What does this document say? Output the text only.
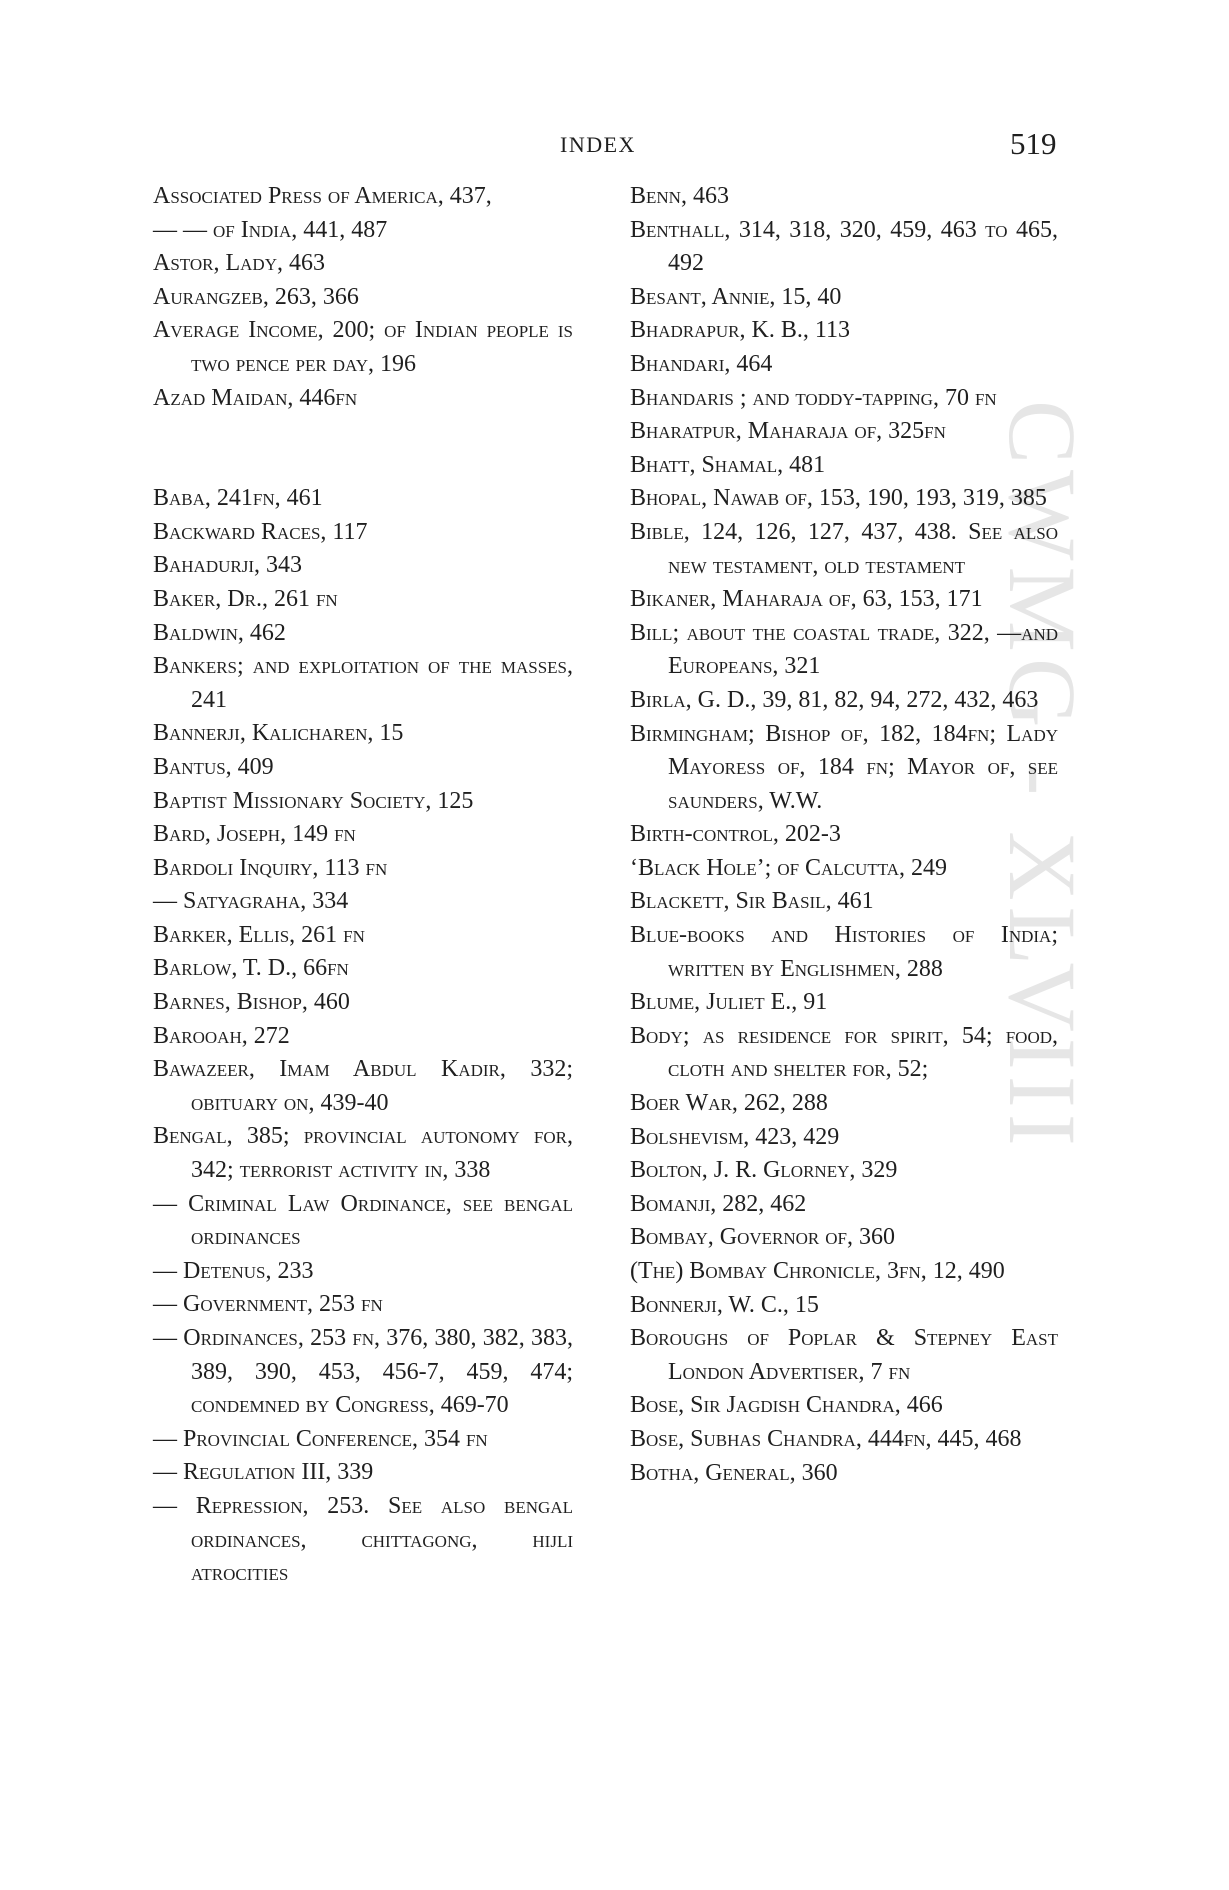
INDEX	519
CWMG - XLVIII
Associated Press of America, 437,
— — of India, 441, 487
Astor, Lady, 463
Aurangzeb, 263, 366
Average Income, 200; of Indian people is two pence per day, 196
Azad Maidan, 446fn
Baba, 241fn, 461
Backward Races, 117
Bahadurji, 343
Baker, Dr., 261 fn
Baldwin, 462
Bankers; and exploitation of the masses, 241
Bannerji, Kalicharen, 15
Bantus, 409
Baptist Missionary Society, 125
Bard, Joseph, 149 fn
Bardoli Inquiry, 113 fn
— Satyagraha, 334
Barker, Ellis, 261 fn
Barlow, T. D., 66fn
Barnes, Bishop, 460
Barooah, 272
Bawazeer, Imam Abdul Kadir, 332; obituary on, 439-40
Bengal, 385; provincial autonomy for, 342; terrorist activity in, 338
— Criminal Law Ordinance, see bengal ordinances
— Detenus, 233
— Government, 253 fn
— Ordinances, 253 fn, 376, 380, 382, 383, 389, 390, 453, 456-7, 459, 474; condemned by Congress, 469-70
— Provincial Conference, 354 fn
— Regulation III, 339
— Repression, 253. See also bengal ordinances, chittagong, hijli atrocities
Benn, 463
Benthall, 314, 318, 320, 459, 463 to 465, 492
Besant, Annie, 15, 40
Bhadrapur, K. B., 113
Bhandari, 464
Bhandaris ; and toddy-tapping, 70 fn
Bharatpur, Maharaja of, 325fn
Bhatt, Shamal, 481
Bhopal, Nawab of, 153, 190, 193, 319, 385
Bible, 124, 126, 127, 437, 438. See also new testament, old testament
Bikaner, Maharaja of, 63, 153, 171
Bill; about the coastal trade, 322, —and Europeans, 321
Birla, G. D., 39, 81, 82, 94, 272, 432, 463
Birmingham; Bishop of, 182, 184fn; Lady Mayoress of, 184 fn; Mayor of, see saunders, W.W.
Birth-control, 202-3
‘Black Hole’; of Calcutta, 249
Blackett, Sir Basil, 461
Blue-books and Histories of India; written by Englishmen, 288
Blume, Juliet E., 91
Body; as residence for spirit, 54; food, cloth and shelter for, 52;
Boer War, 262, 288
Bolshevism, 423, 429
Bolton, J. R. Glorney, 329
Bomanji, 282, 462
Bombay, Governor of, 360
(The) Bombay Chronicle, 3fn, 12, 490
Bonnerji, W. C., 15
Boroughs of Poplar & Stepney East London Advertiser, 7 fn
Bose, Sir Jagdish Chandra, 466
Bose, Subhas Chandra, 444fn, 445, 468
Botha, General, 360
